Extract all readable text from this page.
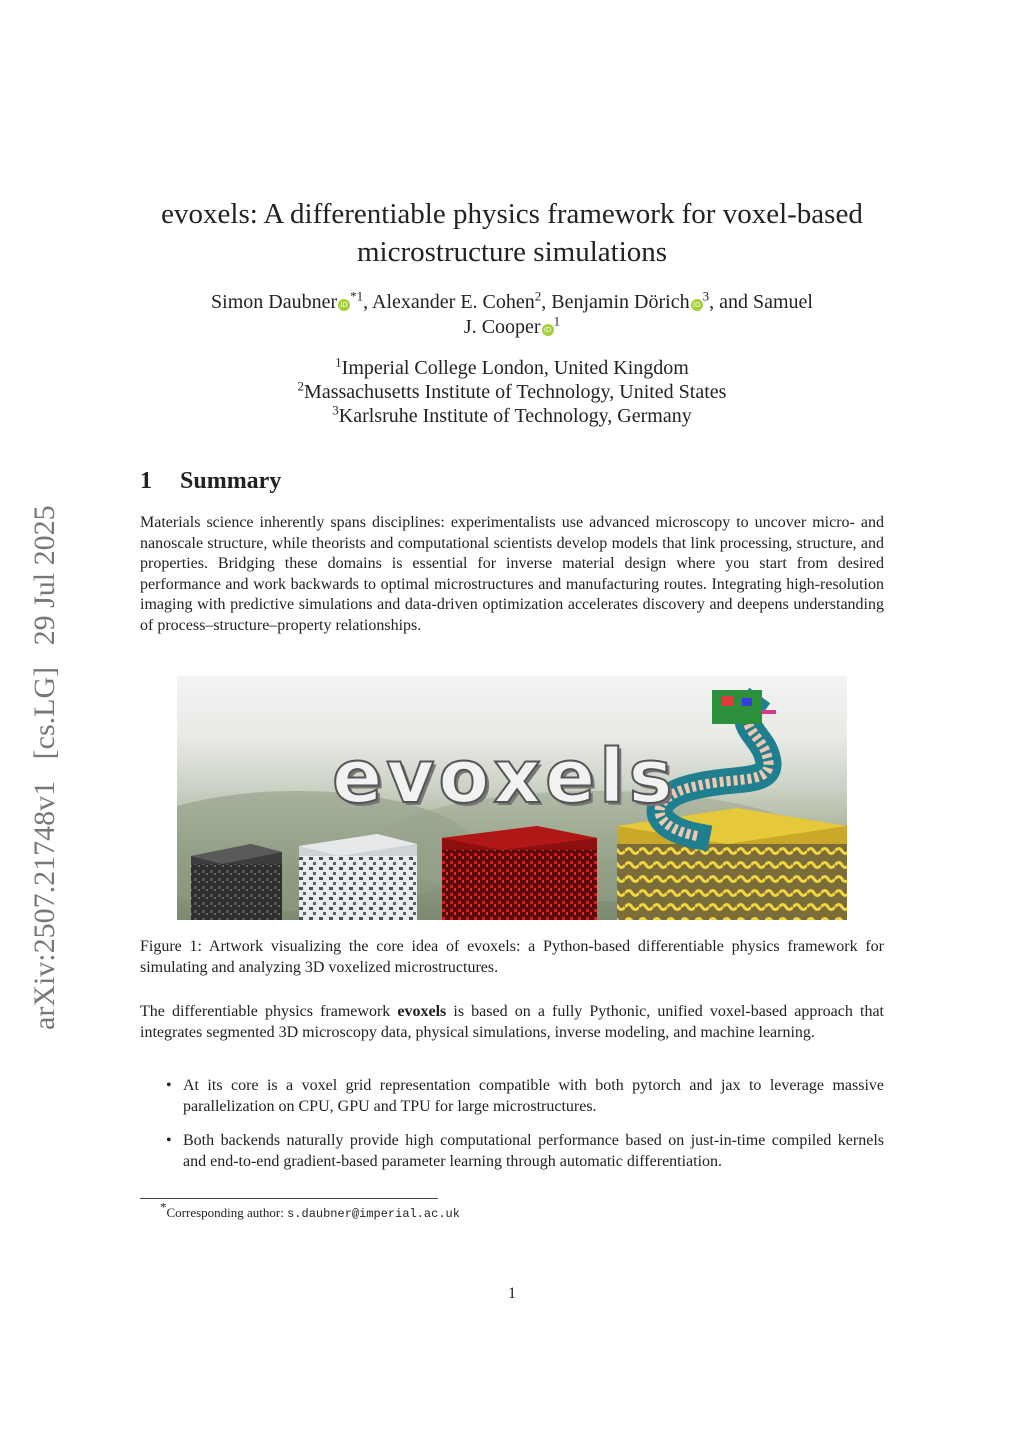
arXiv:2507.21748v1 [cs.LG] 29 Jul 2025
evoxels: A differentiable physics framework for voxel-based
microstructure simulations
Simon Daubner $iD^{*1}$, Alexander E. Cohen$^2$, Benjamin Dörich $iD^3$, and Samuel
J. Cooper $iD^1$
$^1$Imperial College London, United Kingdom
$^2$Massachusetts Institute of Technology, United States
$^3$Karlsruhe Institute of Technology, Germany
1 Summary

Materials science inherently spans disciplines: experimentalists use advanced microscopy to uncover micro- and nanoscale structure, while theorists and computational scientists develop models that link processing, structure, and properties. Bridging these domains is essential for inverse material design where you start from desired performance and work backwards to optimal microstructures and manufacturing routes. Integrating high-resolution imaging with predictive simulations and data-driven optimization accelerates discovery and deepens understanding of process–structure–property relationships.

evoxels

Figure 1: Artwork visualizing the core idea of evoxels: a Python-based differentiable physics framework for simulating and analyzing 3D voxelized microstructures.

The differentiable physics framework evoxels is based on a fully Pythonic, unified voxel-based approach that integrates segmented 3D microscopy data, physical simulations, inverse modeling, and machine learning.

• At its core is a voxel grid representation compatible with both pytorch and jax to leverage massive parallelization on CPU, GPU and TPU for large microstructures.
• Both backends naturally provide high computational performance based on just-in-time compiled kernels and end-to-end gradient-based parameter learning through automatic differentiation.
*Corresponding author: s.daubner@imperial.ac.uk
1
